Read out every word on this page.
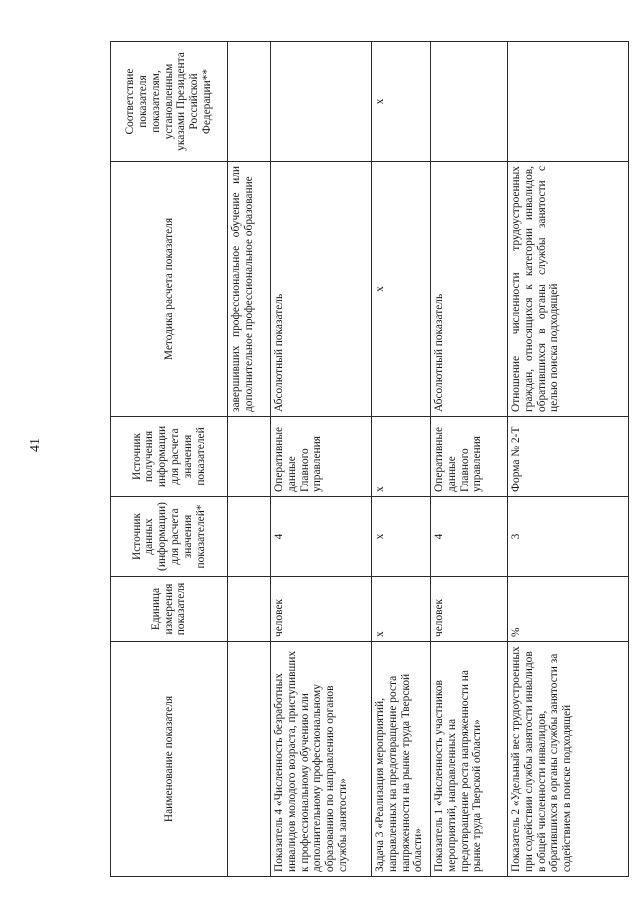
41
Наименование показателя	Единица измерения показателя	Источник данных (информации) для расчета значения показателей*	Источник получения информации для расчета значения показателей	Методика расчета показателя	Соответствие показателя показателям, установленным указами Президента Российской Федерации**
				завершивших профессиональное обучение или дополнительное профессиональное образование	
Показатель 4 «Численность безработных инвалидов молодого возраста, приступивших к профессиональному обучению или дополнительному профессиональному образованию по направлению органов службы занятости»	человек	4	Оперативные данные Главного управления	Абсолютный показатель	
Задача 3 «Реализация мероприятий, направленных на предотвращение роста напряженности на рынке труда Тверской области»	х	х	х	х	х
Показатель 1 «Численность участников мероприятий, направленных на предотвращение роста напряженности на рынке труда Тверской области»	человек	4	Оперативные данные Главного управления	Абсолютный показатель	
Показатель 2 «Удельный вес трудоустроенных при содействии службы занятости инвалидов в общей численности инвалидов, обратившихся в органы службы занятости за содействием в поиске подходящей	%	3	Форма № 2-Т	Отношение численности трудоустроенных граждан, относящихся к категории инвалидов, обратившихся в органы службы занятости с целью поиска подходящей	
